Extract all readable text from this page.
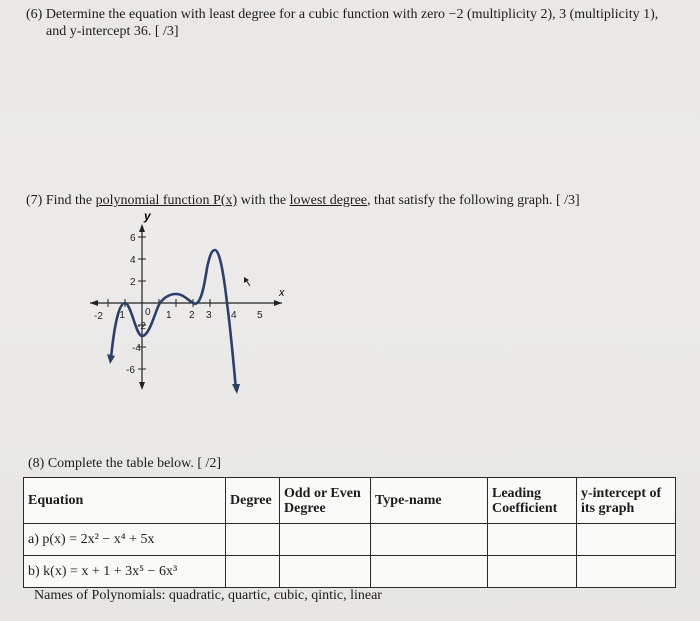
(6) Determine the equation with least degree for a cubic function with zero −2 (multiplicity 2), 3 (multiplicity 1),
and y-intercept 36. [ /3]
(7) Find the polynomial function P(x) with the lowest degree, that satisfy the following graph. [ /3]
x
y
-2 -1 0 1 2 3 4 5
6
4
2
-2
-4
-6
(8) Complete the table below. [ /2]
Equation	Degree	Odd or Even Degree	Type-name	Leading Coefficient	y-intercept of its graph
a) p(x) = 2x² − x⁴ + 5x					
b) k(x) = x + 1 + 3x⁵ − 6x³					
Names of Polynomials: quadratic, quartic, cubic, qintic, linear
